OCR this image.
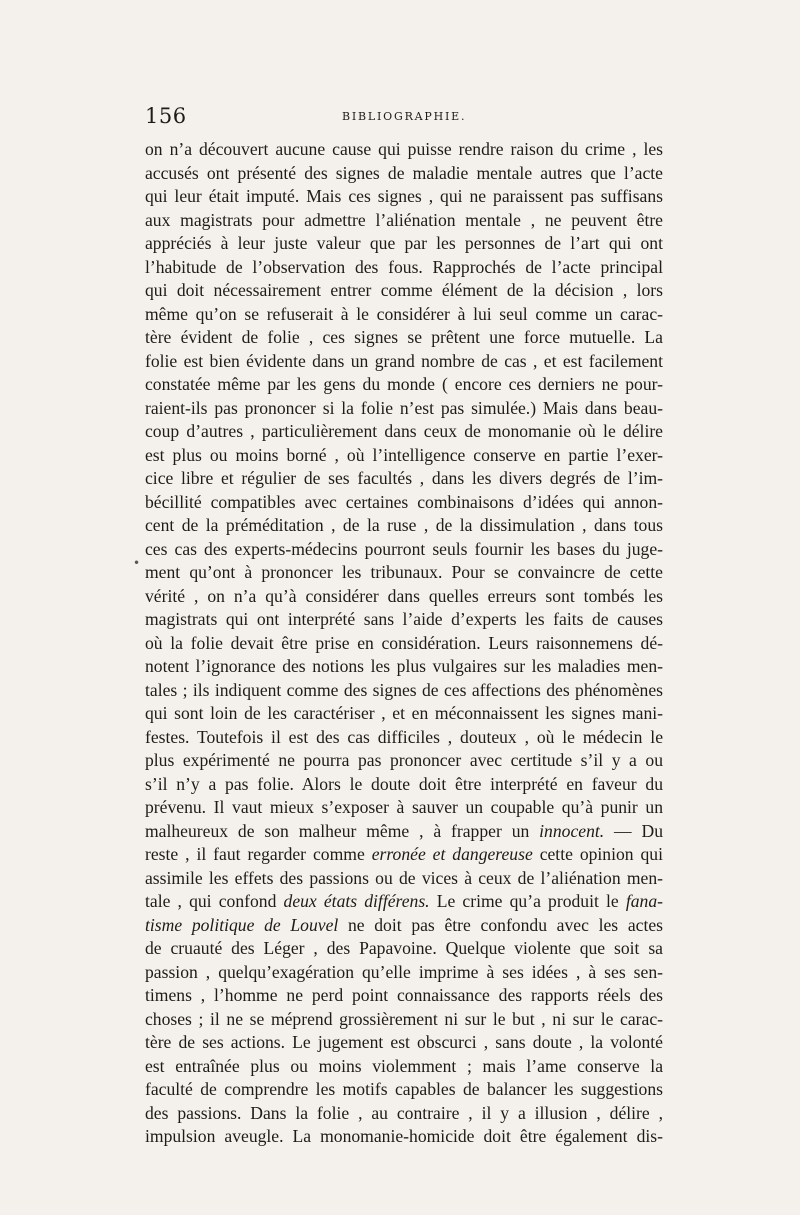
156	BIBLIOGRAPHIE.
on n’a découvert aucune cause qui puisse rendre raison du crime , les
accusés ont présenté des signes de maladie mentale autres que l’acte
qui leur était imputé. Mais ces signes , qui ne paraissent pas suffisans
aux magistrats pour admettre l’aliénation mentale , ne peuvent être
appréciés à leur juste valeur que par les personnes de l’art qui ont
l’habitude de l’observation des fous. Rapprochés de l’acte principal
qui doit nécessairement entrer comme élément de la décision , lors
même qu’on se refuserait à le considérer à lui seul comme un carac-
tère évident de folie , ces signes se prêtent une force mutuelle. La
folie est bien évidente dans un grand nombre de cas , et est facilement
constatée même par les gens du monde ( encore ces derniers ne pour-
raient-ils pas prononcer si la folie n’est pas simulée.) Mais dans beau-
coup d’autres , particulièrement dans ceux de monomanie où le délire
est plus ou moins borné , où l’intelligence conserve en partie l’exer-
cice libre et régulier de ses facultés , dans les divers degrés de l’im-
bécillité compatibles avec certaines combinaisons d’idées qui annon-
cent de la préméditation , de la ruse , de la dissimulation , dans tous
ces cas des experts-médecins pourront seuls fournir les bases du juge-
ment qu’ont à prononcer les tribunaux. Pour se convaincre de cette
vérité , on n’a qu’à considérer dans quelles erreurs sont tombés les
magistrats qui ont interprété sans l’aide d’experts les faits de causes
où la folie devait être prise en considération. Leurs raisonnemens dé-
notent l’ignorance des notions les plus vulgaires sur les maladies men-
tales ; ils indiquent comme des signes de ces affections des phénomènes
qui sont loin de les caractériser , et en méconnaissent les signes mani-
festes. Toutefois il est des cas difficiles , douteux , où le médecin le
plus expérimenté ne pourra pas prononcer avec certitude s’il y a ou
s’il n’y a pas folie. Alors le doute doit être interprété en faveur du
prévenu. Il vaut mieux s’exposer à sauver un coupable qu’à punir un
malheureux de son malheur même , à frapper un innocent. — Du
reste , il faut regarder comme erronée et dangereuse cette opinion qui
assimile les effets des passions ou de vices à ceux de l’aliénation men-
tale , qui confond deux états différens. Le crime qu’a produit le fana-
tisme politique de Louvel ne doit pas être confondu avec les actes
de cruauté des Léger , des Papavoine. Quelque violente que soit sa
passion , quelqu’exagération qu’elle imprime à ses idées , à ses sen-
timens , l’homme ne perd point connaissance des rapports réels des
choses ; il ne se méprend grossièrement ni sur le but , ni sur le carac-
tère de ses actions. Le jugement est obscurci , sans doute , la volonté
est entraînée plus ou moins violemment ; mais l’ame conserve la
faculté de comprendre les motifs capables de balancer les suggestions
des passions. Dans la folie , au contraire , il y a illusion , délire ,
impulsion aveugle. La monomanie-homicide doit être également dis-
•
